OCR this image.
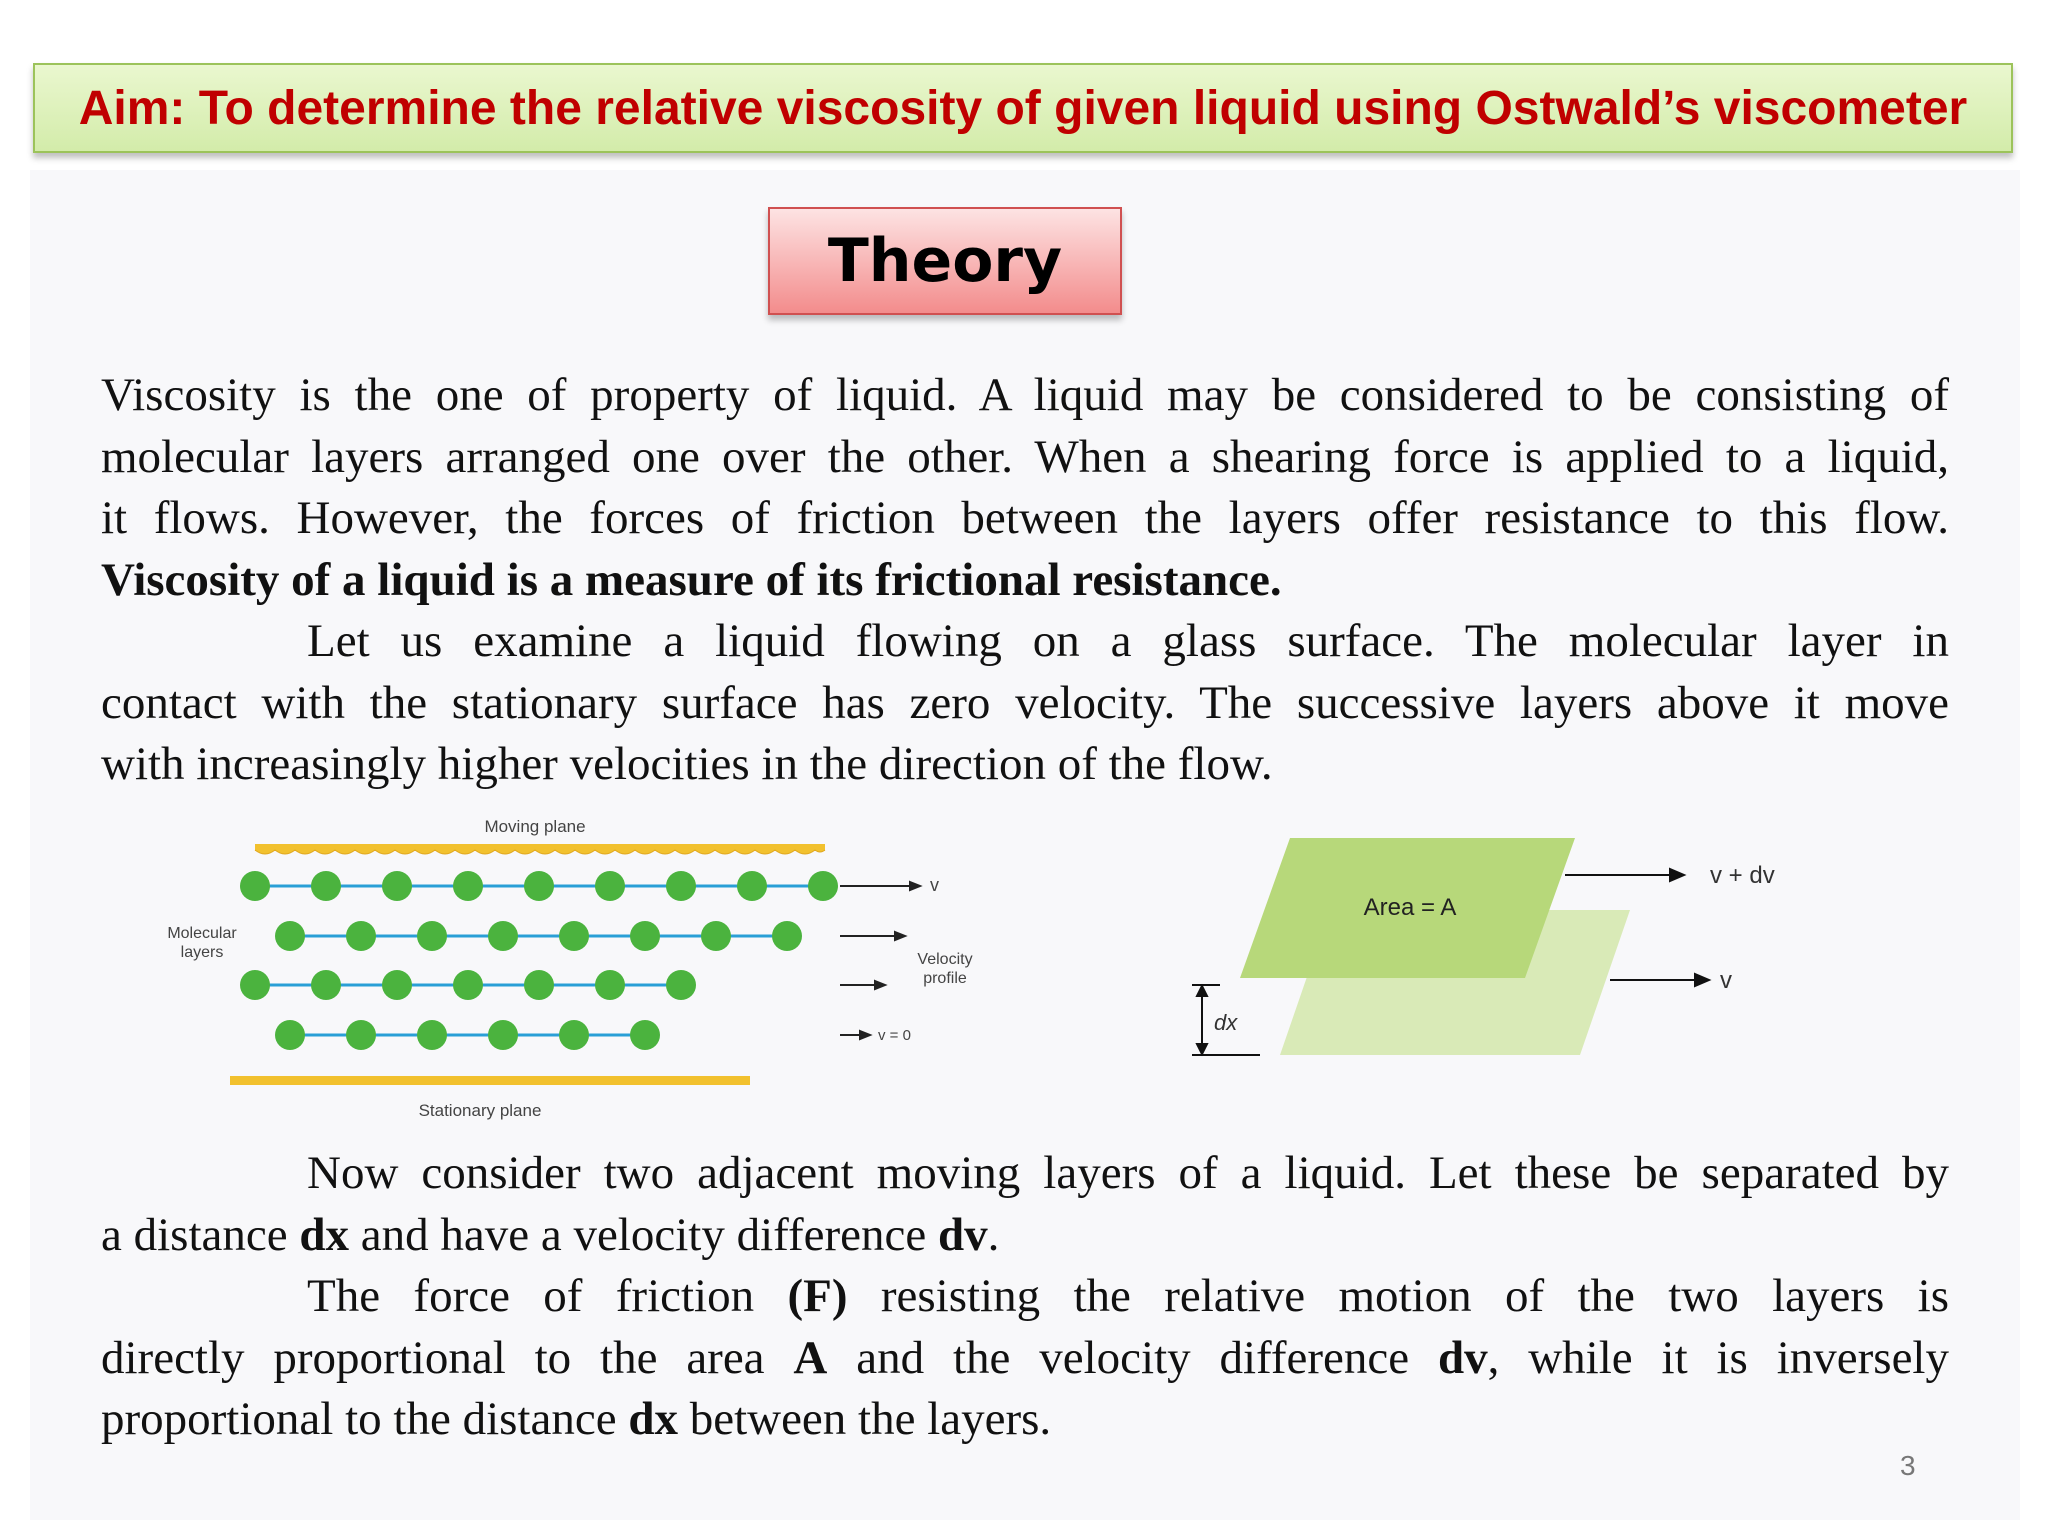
Aim: To determine the relative viscosity of given liquid using Ostwald’s viscometer
Theory

Viscosity is the one of property of liquid. A liquid may be considered to be consisting of
molecular layers arranged one over the other. When a shearing force is applied to a liquid,
it flows. However, the forces of friction between the layers offer resistance to this flow.
Viscosity of a liquid is a measure of its frictional resistance.

Let us examine a liquid flowing on a glass surface. The molecular layer in
contact with the stationary surface has zero velocity. The successive layers above it move
with increasingly higher velocities in the direction of the flow.

Moving plane
Molecular
layers
v
Velocity
profile
v = 0
Stationary plane
Area = A
v + dv
v
dx

Now consider two adjacent moving layers of a liquid. Let these be separated by
a distance dx and have a velocity difference dv.

The force of friction (F) resisting the relative motion of the two layers is
directly proportional to the area A and the velocity difference dv, while it is inversely
proportional to the distance dx between the layers.

3
